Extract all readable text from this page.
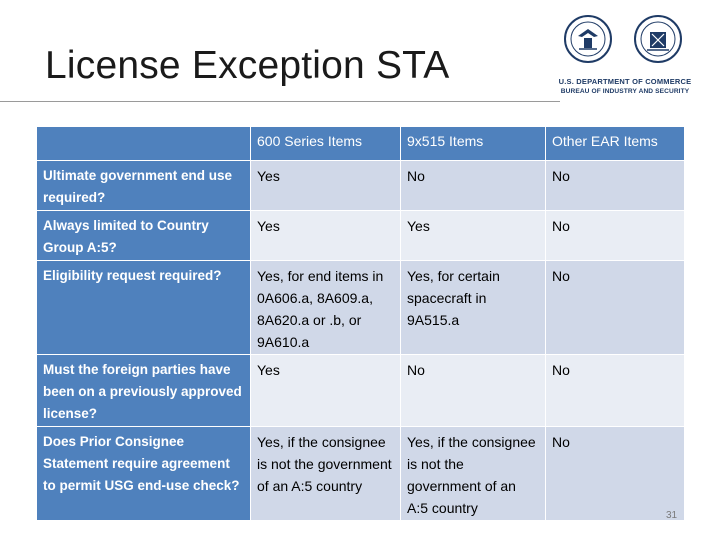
License Exception STA	U.S. DEPARTMENT OF COMMERCE
BUREAU OF INDUSTRY AND SECURITY
	600 Series Items	9x515 Items	Other EAR Items
Ultimate government end use required?	Yes	No	No
Always limited to Country Group A:5?	Yes	Yes	No
Eligibility request required?	Yes, for end items in 0A606.a, 8A609.a, 8A620.a or .b, or 9A610.a	Yes, for certain spacecraft in 9A515.a	No
Must the foreign parties have been on a previously approved license?	Yes	No	No
Does Prior Consignee Statement require agreement to permit USG end-use check?	Yes, if the consignee is not the government of an A:5 country	Yes, if the consignee is not the government of an A:5 country	No
31
